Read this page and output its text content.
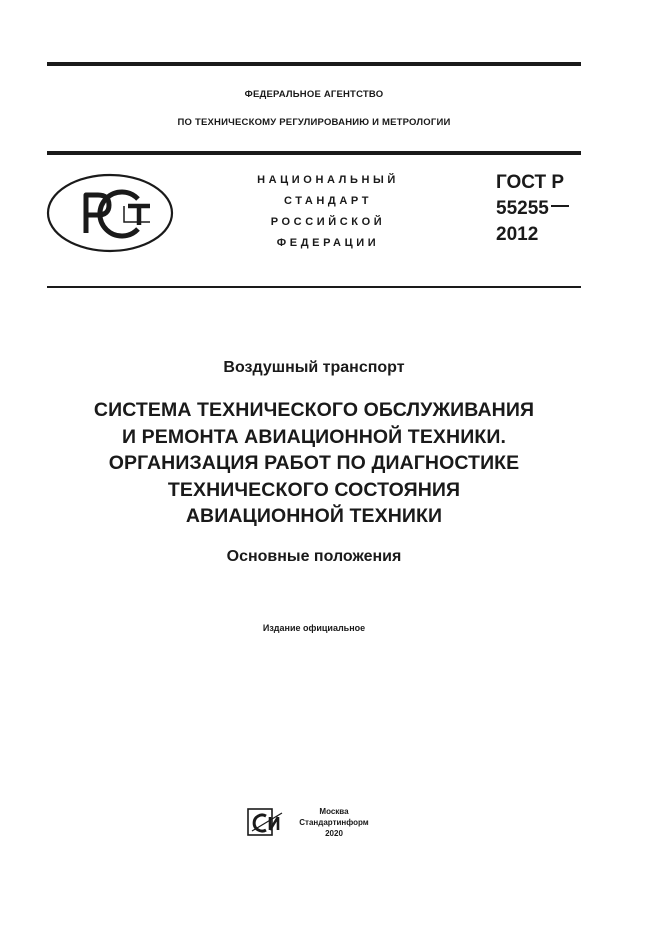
ФЕДЕРАЛЬНОЕ АГЕНТСТВО
ПО ТЕХНИЧЕСКОМУ РЕГУЛИРОВАНИЮ И МЕТРОЛОГИИ
НАЦИОНАЛЬНЫЙ
СТАНДАРТ
РОССИЙСКОЙ
ФЕДЕРАЦИИ
ГОСТ Р
55255
2012
Воздушный транспорт
СИСТЕМА ТЕХНИЧЕСКОГО ОБСЛУЖИВАНИЯ
И РЕМОНТА АВИАЦИОННОЙ ТЕХНИКИ.
ОРГАНИЗАЦИЯ РАБОТ ПО ДИАГНОСТИКЕ
ТЕХНИЧЕСКОГО СОСТОЯНИЯ
АВИАЦИОННОЙ ТЕХНИКИ
Основные положения
Издание официальное
Москва
Стандартинформ
2020
